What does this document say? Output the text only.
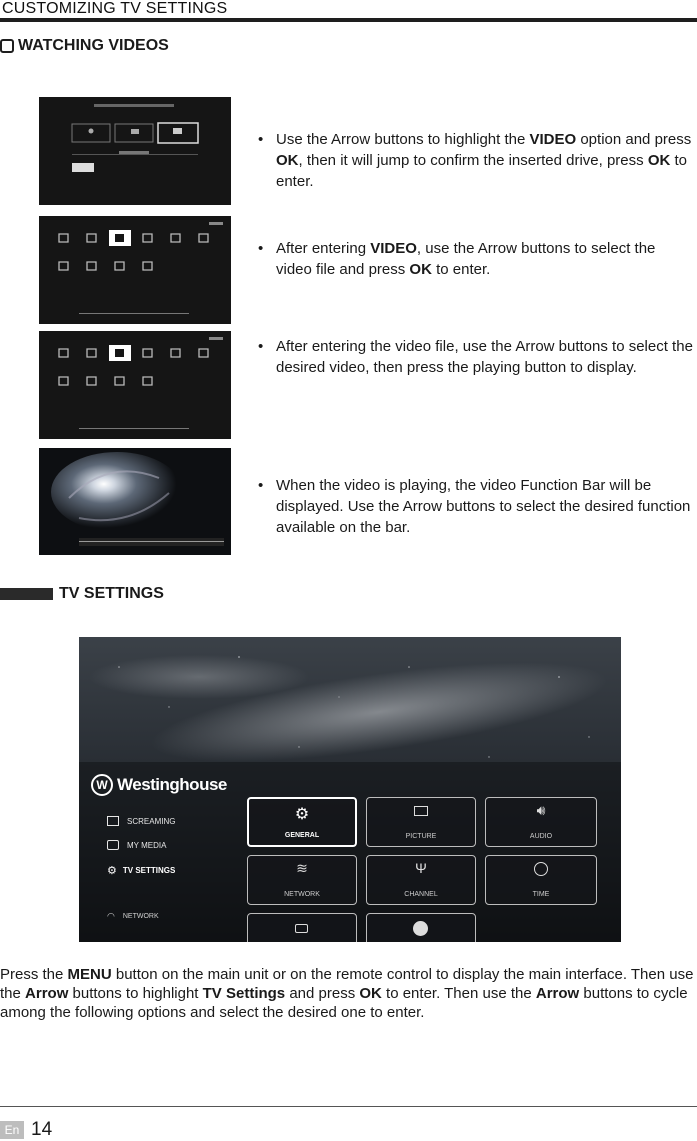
CUSTOMIZING TV SETTINGS
WATCHING VIDEOS
• Use the Arrow buttons to highlight the VIDEO option and press OK, then it will jump to confirm the inserted drive, press OK to enter.
• After entering VIDEO, use the Arrow buttons to select the video file and press OK to enter.
• After entering the video file, use the Arrow buttons to select the desired video, then press the playing button to display.
• When the video is playing, the video Function Bar will be displayed. Use the Arrow buttons to select the desired function available on the bar.
TV SETTINGS
W Westinghouse
SCREAMING
MY MEDIA
⚙ TV SETTINGS
◠ NETWORK
⚙
GENERAL	PICTURE
🔊︎
AUDIO
≋
NETWORK
Ψ
CHANNEL	TIME
Press the MENU button on the main unit or on the remote control to display the main interface. Then use the Arrow buttons to highlight TV Settings and press OK to enter. Then use the Arrow buttons to cycle among the following options and select the desired one to enter.
En 14
